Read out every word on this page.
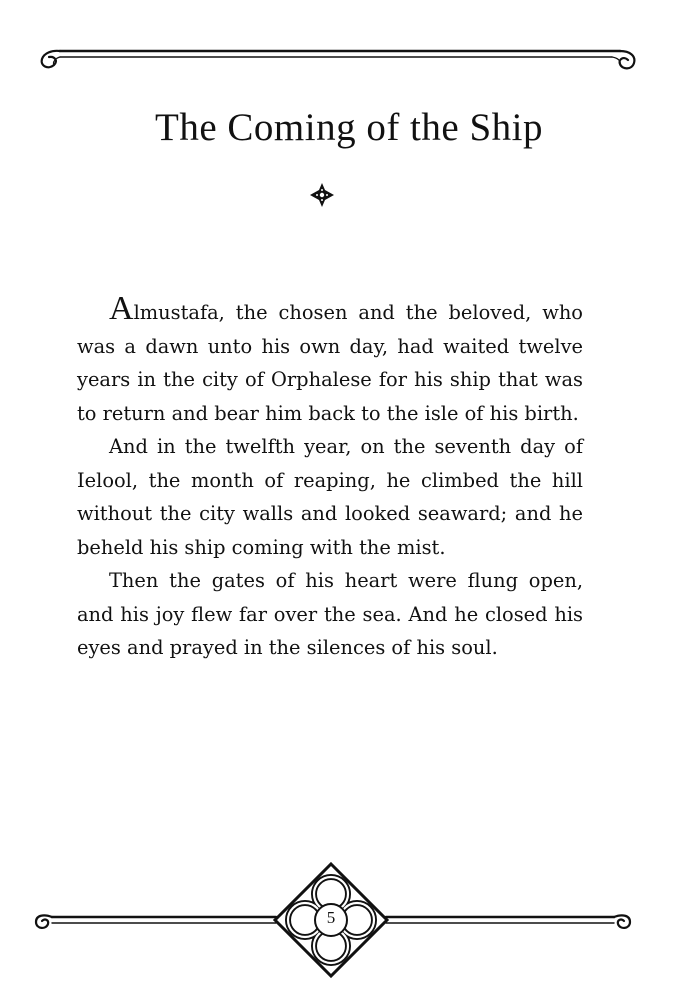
The Coming of the Ship

Almustafa, the chosen and the beloved, who was a dawn unto his own day, had waited twelve years in the city of Orphalese for his ship that was to return and bear him back to the isle of his birth.

And in the twelfth year, on the seventh day of Ielool, the month of reaping, he climbed the hill without the city walls and looked seaward; and he beheld his ship coming with the mist.

Then the gates of his heart were flung open, and his joy flew far over the sea. And he closed his eyes and prayed in the silences of his soul.

5
